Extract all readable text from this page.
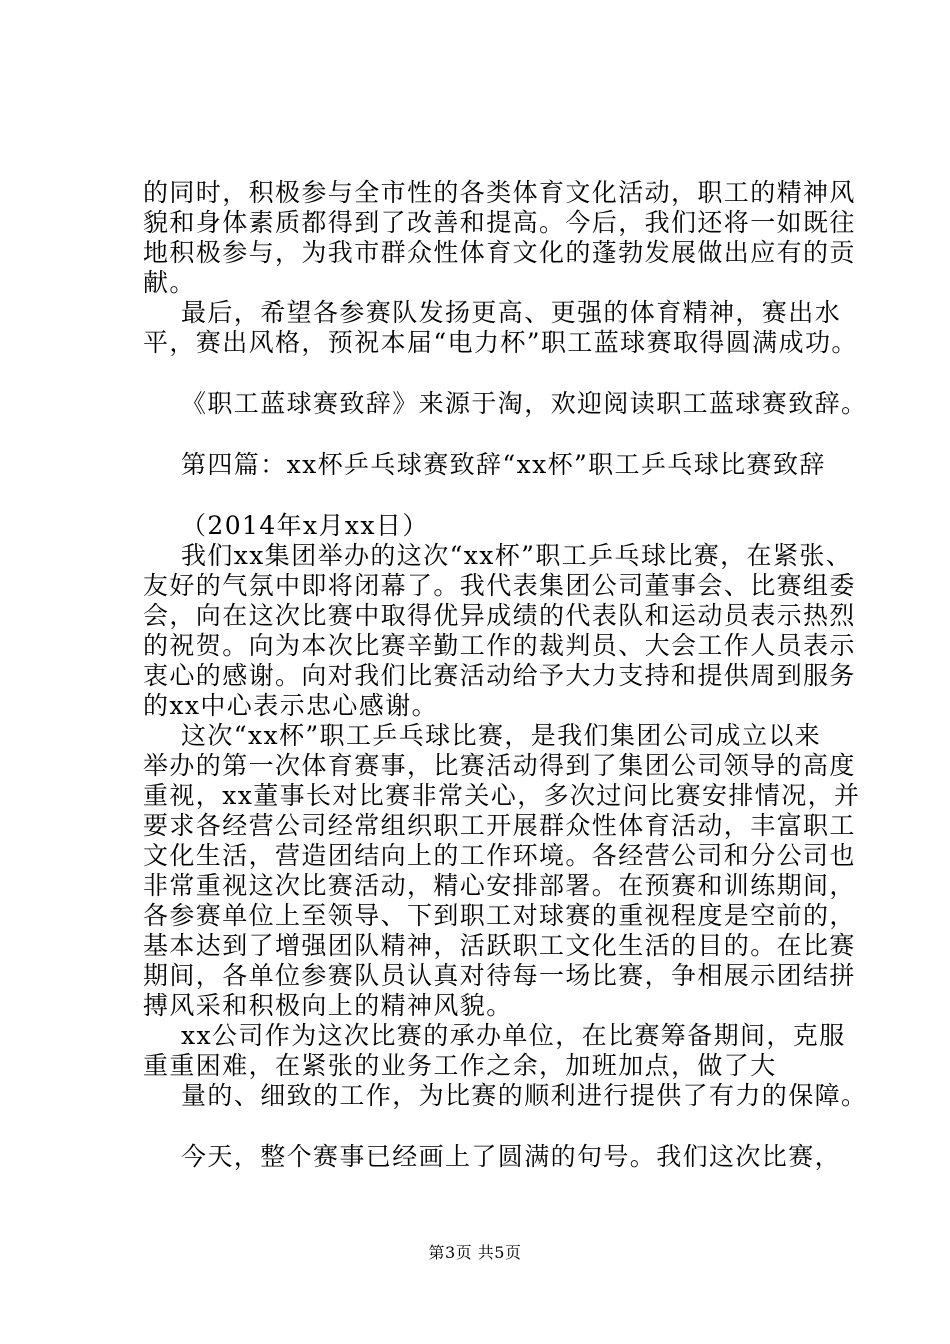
的同时，积极参与全市性的各类体育文化活动，职工的精神风
貌和身体素质都得到了改善和提高。今后，我们还将一如既往
地积极参与，为我市群众性体育文化的蓬勃发展做出应有的贡
献。
最后，希望各参赛队发扬更高、更强的体育精神，赛出水
平，赛出风格，预祝本届“电力杯”职工蓝球赛取得圆满成功。
《职工蓝球赛致辞》来源于淘，欢迎阅读职工蓝球赛致辞。
第四篇：xx杯乒乓球赛致辞“xx杯”职工乒乓球比赛致辞
（2014年x月xx日）
我们xx集团举办的这次“xx杯”职工乒乓球比赛，在紧张、
友好的气氛中即将闭幕了。我代表集团公司董事会、比赛组委
会，向在这次比赛中取得优异成绩的代表队和运动员表示热烈
的祝贺。向为本次比赛辛勤工作的裁判员、大会工作人员表示
衷心的感谢。向对我们比赛活动给予大力支持和提供周到服务
的xx中心表示忠心感谢。
这次“xx杯”职工乒乓球比赛，是我们集团公司成立以来
举办的第一次体育赛事，比赛活动得到了集团公司领导的高度
重视，xx董事长对比赛非常关心，多次过问比赛安排情况，并
要求各经营公司经常组织职工开展群众性体育活动，丰富职工
文化生活，营造团结向上的工作环境。各经营公司和分公司也
非常重视这次比赛活动，精心安排部署。在预赛和训练期间，
各参赛单位上至领导、下到职工对球赛的重视程度是空前的，
基本达到了增强团队精神，活跃职工文化生活的目的。在比赛
期间，各单位参赛队员认真对待每一场比赛，争相展示团结拼
搏风采和积极向上的精神风貌。
xx公司作为这次比赛的承办单位，在比赛筹备期间，克服
重重困难，在紧张的业务工作之余，加班加点，做了大
量的、细致的工作，为比赛的顺利进行提供了有力的保障。
今天，整个赛事已经画上了圆满的句号。我们这次比赛，
第3页 共5页
